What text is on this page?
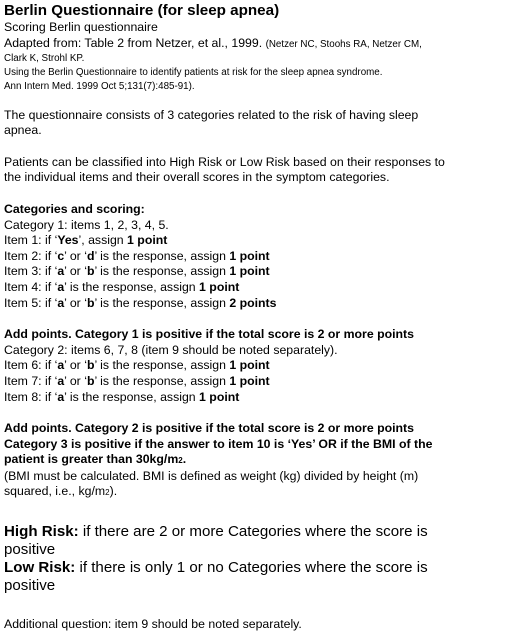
Berlin Questionnaire (for sleep apnea)
Scoring Berlin questionnaire
Adapted from: Table 2 from Netzer, et al., 1999. (Netzer NC, Stoohs RA, Netzer CM,
Clark K, Strohl KP.
Using the Berlin Questionnaire to identify patients at risk for the sleep apnea syndrome.
Ann Intern Med. 1999 Oct 5;131(7):485-91).
The questionnaire consists of 3 categories related to the risk of having sleep
apnea.
Patients can be classified into High Risk or Low Risk based on their responses to
the individual items and their overall scores in the symptom categories.
Categories and scoring:
Category 1: items 1, 2, 3, 4, 5.
Item 1: if ‘Yes’, assign 1 point
Item 2: if ‘c’ or ‘d’ is the response, assign 1 point
Item 3: if ‘a’ or ‘b’ is the response, assign 1 point
Item 4: if ‘a’ is the response, assign 1 point
Item 5: if ‘a’ or ‘b’ is the response, assign 2 points
Add points. Category 1 is positive if the total score is 2 or more points
Category 2: items 6, 7, 8 (item 9 should be noted separately).
Item 6: if ‘a’ or ‘b’ is the response, assign 1 point
Item 7: if ‘a’ or ‘b’ is the response, assign 1 point
Item 8: if ‘a’ is the response, assign 1 point
Add points. Category 2 is positive if the total score is 2 or more points
Category 3 is positive if the answer to item 10 is ‘Yes’ OR if the BMI of the
patient is greater than 30kg/m2.
(BMI must be calculated. BMI is defined as weight (kg) divided by height (m)
squared, i.e., kg/m2).
High Risk: if there are 2 or more Categories where the score is
positive
Low Risk: if there is only 1 or no Categories where the score is
positive
Additional question: item 9 should be noted separately.
